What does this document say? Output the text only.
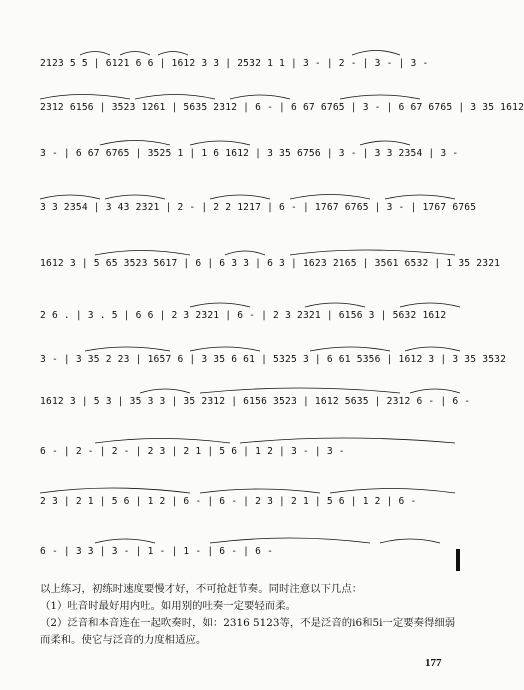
2123 5 5 | 6121 6 6 | 1612 3 3 | 2532 1 1 | 3 - | 2 - | 3 - | 3 -
2312 6156 | 3523 1261 | 5635 2312 | 6 - | 6 67 6765 | 3 - | 6 67 6765 | 3 35 1612
3 - | 6 67 6765 | 3525 1 | 1 6 1612 | 3 35 6756 | 3 - | 3 3 2354 | 3 -
3 3 2354 | 3 43 2321 | 2 - | 2 2 1217 | 6 - | 1767 6765 | 3 - | 1767 6765
1612 3 | 5 65 3523 5617 | 6 | 6 3 3 | 6 3 | 1623 2165 | 3561 6532 | 1 35 2321
2 6 . | 3 . 5 | 6 6 | 2 3 2321 | 6 - | 2 3 2321 | 6156 3 | 5632 1612
3 - | 3 35 2 23 | 1657 6 | 3 35 6 61 | 5325 3 | 6 61 5356 | 1612 3 | 3 35 3532
1612 3 | 5 3 | 35 3 3 | 35 2312 | 6156 3523 | 1612 5635 | 2312 6 - | 6 -
6 - | 2 - | 2 - | 2 3 | 2 1 | 5 6 | 1 2 | 3 - | 3 -
2 3 | 2 1 | 5 6 | 1 2 | 6 - | 6 - | 2 3 | 2 1 | 5 6 | 1 2 | 6 -
6 - | 3 3 | 3 - | 1 - | 1 - | 6 - | 6 -
以上练习，初练时速度要慢才好，不可抢赶节奏。同时注意以下几点：
（1）吐音时最好用内吐。如用别的吐奏一定要轻而柔。
（2）泛音和本音连在一起吹奏时，如：2316 5123等，不是泛音的i6和5i一定要奏得细弱
而柔和。使它与泛音的力度相适应。
177
